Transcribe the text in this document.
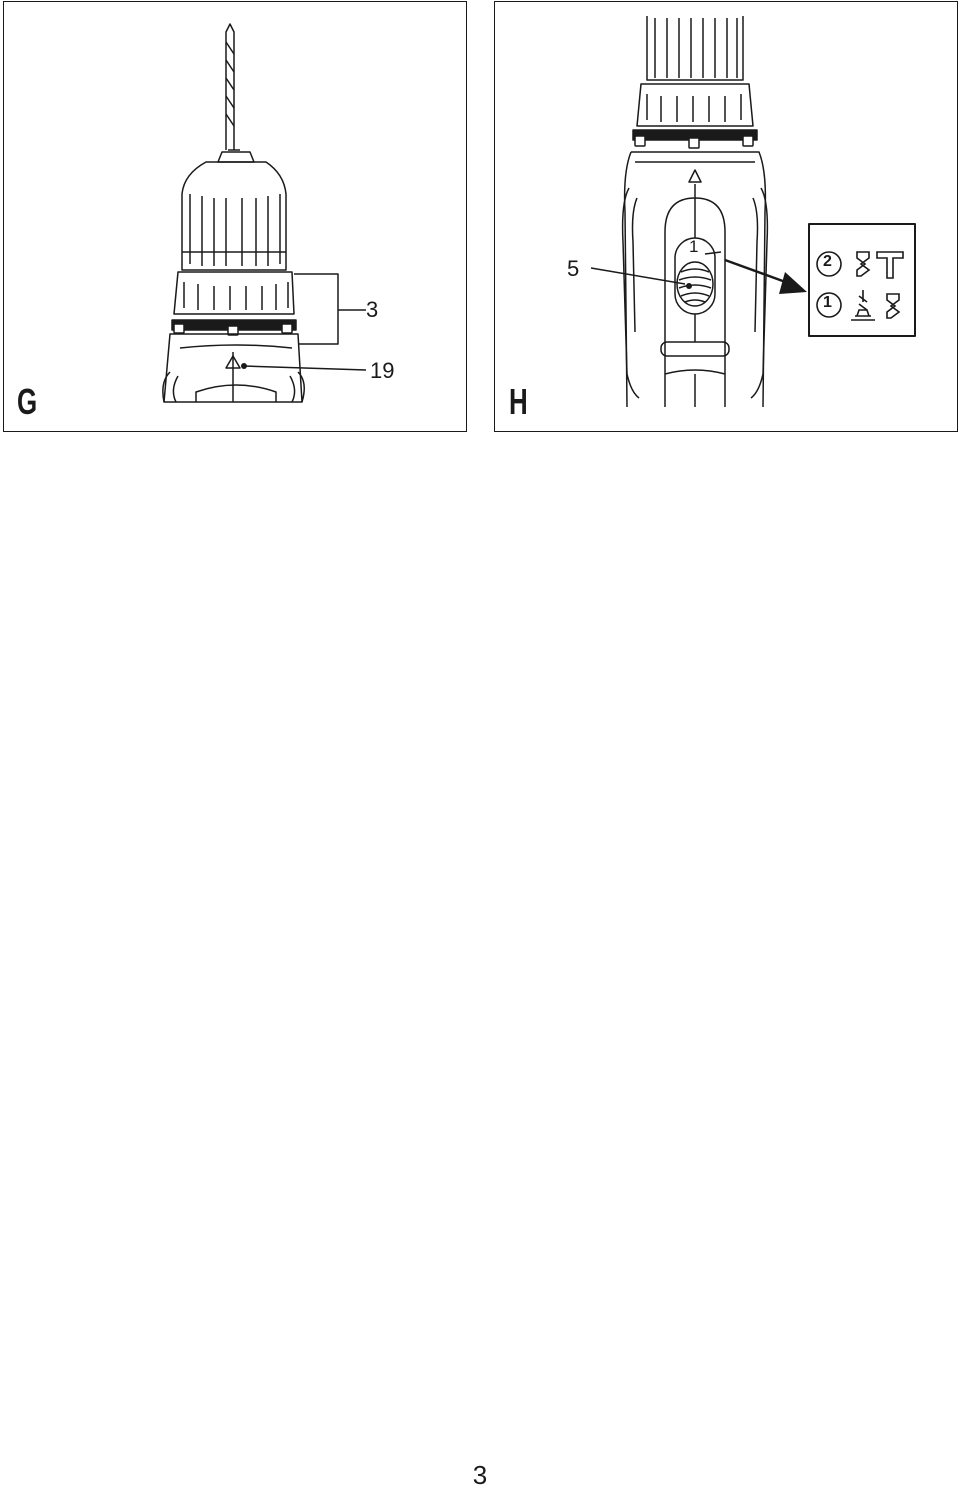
3
19
G
5
1
2
1
H
3
